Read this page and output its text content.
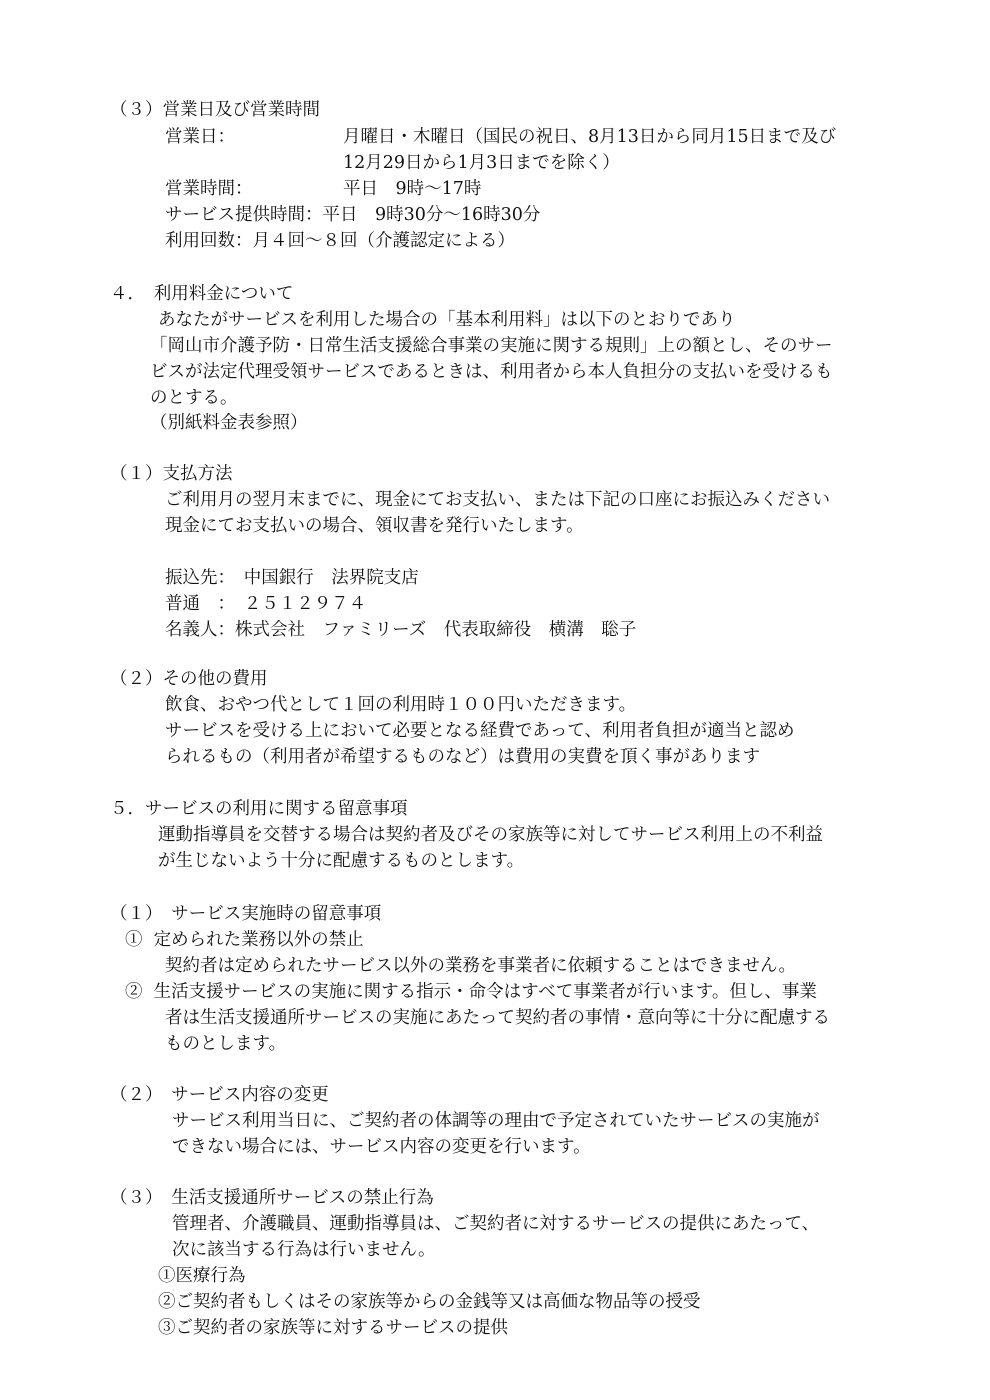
（３）営業日及び営業時間
営業日：	月曜日・木曜日（国民の祝日、8月13日から同月15日まで及び
12月29日から1月3日までを除く）
営業時間：	平日　9時～17時
サービス提供時間：平日　9時30分～16時30分
利用回数：月４回～８回（介護認定による）
４．　利用料金について
あなたがサービスを利用した場合の「基本利用料」は以下のとおりであり
「岡山市介護予防・日常生活支援総合事業の実施に関する規則」上の額とし、そのサー
ビスが法定代理受領サービスであるときは、利用者から本人負担分の支払いを受けるも
のとする。
（別紙料金表参照）
（１）支払方法
ご利用月の翌月末までに、現金にてお支払い、または下記の口座にお振込みください
現金にてお支払いの場合、領収書を発行いたします。
振込先：　中国銀行　法界院支店
普通　：　２５１２９７４
名義人：株式会社　ファミリーズ　代表取締役　横溝　聡子
（２）その他の費用
飲食、おやつ代として１回の利用時１００円いただきます。
サービスを受ける上において必要となる経費であって、利用者負担が適当と認め
られるもの（利用者が希望するものなど）は費用の実費を頂く事があります
５．サービスの利用に関する留意事項
運動指導員を交替する場合は契約者及びその家族等に対してサービス利用上の不利益
が生じないよう十分に配慮するものとします。
（１）　サービス実施時の留意事項
①  定められた業務以外の禁止
契約者は定められたサービス以外の業務を事業者に依頼することはできません。
②  生活支援サービスの実施に関する指示・命令はすべて事業者が行います。但し、事業
者は生活支援通所サービスの実施にあたって契約者の事情・意向等に十分に配慮する
ものとします。
（２）　サービス内容の変更
サービス利用当日に、ご契約者の体調等の理由で予定されていたサービスの実施が
できない場合には、サービス内容の変更を行います。
（３）　生活支援通所サービスの禁止行為
管理者、介護職員、運動指導員は、ご契約者に対するサービスの提供にあたって、
次に該当する行為は行いません。
①医療行為
②ご契約者もしくはその家族等からの金銭等又は高価な物品等の授受
③ご契約者の家族等に対するサービスの提供
